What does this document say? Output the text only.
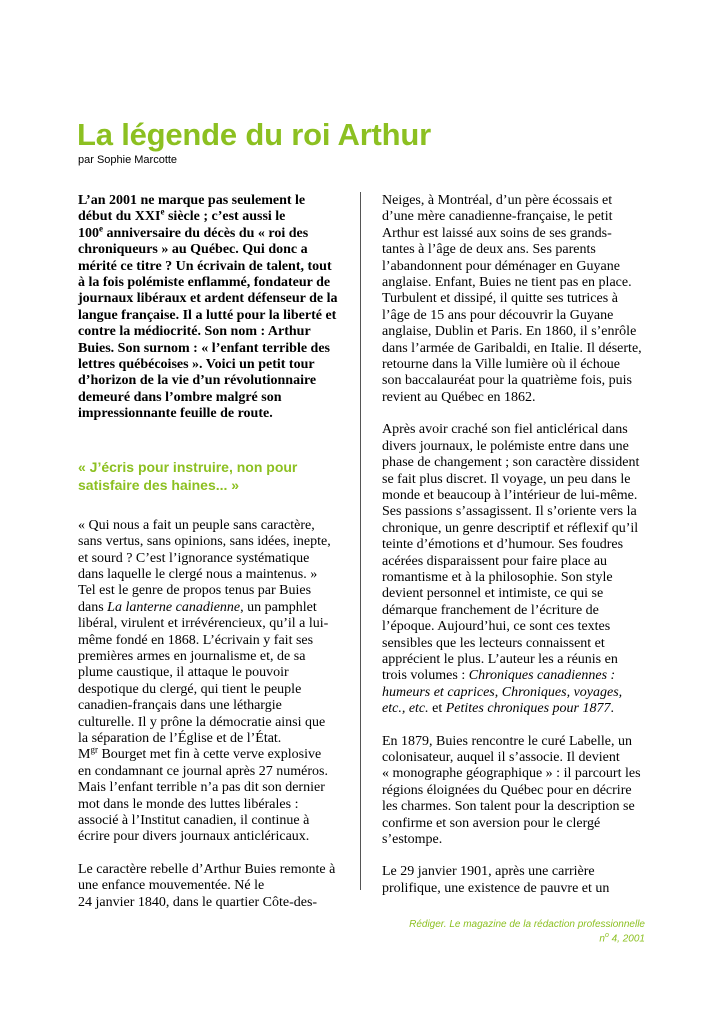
La légende du roi Arthur
par Sophie Marcotte

L’an 2001 ne marque pas seulement le
début du XXIe siècle ; c’est aussi le
100e anniversaire du décès du « roi des
chroniqueurs » au Québec. Qui donc a
mérité ce titre ? Un écrivain de talent, tout
à la fois polémiste enflammé, fondateur de
journaux libéraux et ardent défenseur de la
langue française. Il a lutté pour la liberté et
contre la médiocrité. Son nom : Arthur
Buies. Son surnom : « l’enfant terrible des
lettres québécoises ». Voici un petit tour
d’horizon de la vie d’un révolutionnaire
demeuré dans l’ombre malgré son
impressionnante feuille de route.

« J’écris pour instruire, non pour satisfaire des haines... »

« Qui nous a fait un peuple sans caractère,
sans vertus, sans opinions, sans idées, inepte,
et sourd ? C’est l’ignorance systématique
dans laquelle le clergé nous a maintenus. »
Tel est le genre de propos tenus par Buies
dans La lanterne canadienne, un pamphlet
libéral, virulent et irrévérencieux, qu’il a lui-
même fondé en 1868. L’écrivain y fait ses
premières armes en journalisme et, de sa
plume caustique, il attaque le pouvoir
despotique du clergé, qui tient le peuple
canadien-français dans une léthargie
culturelle. Il y prône la démocratie ainsi que
la séparation de l’Église et de l’État.
$M^{gr}$ Bourget met fin à cette verve explosive
en condamnant ce journal après 27 numéros.
Mais l’enfant terrible n’a pas dit son dernier
mot dans le monde des luttes libérales :
associé à l’Institut canadien, il continue à
écrire pour divers journaux anticléricaux.

Le caractère rebelle d’Arthur Buies remonte à
une enfance mouvementée. Né le
24 janvier 1840, dans le quartier Côte-des-

Neiges, à Montréal, d’un père écossais et
d’une mère canadienne-française, le petit
Arthur est laissé aux soins de ses grands-
tantes à l’âge de deux ans. Ses parents
l’abandonnent pour déménager en Guyane
anglaise. Enfant, Buies ne tient pas en place.
Turbulent et dissipé, il quitte ses tutrices à
l’âge de 15 ans pour découvrir la Guyane
anglaise, Dublin et Paris. En 1860, il s’enrôle
dans l’armée de Garibaldi, en Italie. Il déserte,
retourne dans la Ville lumière où il échoue
son baccalauréat pour la quatrième fois, puis
revient au Québec en 1862.

Après avoir craché son fiel anticlérical dans
divers journaux, le polémiste entre dans une
phase de changement ; son caractère dissident
se fait plus discret. Il voyage, un peu dans le
monde et beaucoup à l’intérieur de lui-même.
Ses passions s’assagissent. Il s’oriente vers la
chronique, un genre descriptif et réflexif qu’il
teinte d’émotions et d’humour. Ses foudres
acérées disparaissent pour faire place au
romantisme et à la philosophie. Son style
devient personnel et intimiste, ce qui se
démarque franchement de l’écriture de
l’époque. Aujourd’hui, ce sont ces textes
sensibles que les lecteurs connaissent et
apprécient le plus. L’auteur les a réunis en
trois volumes : Chroniques canadiennes :
humeurs et caprices, Chroniques, voyages,
etc., etc. et Petites chroniques pour 1877.

En 1879, Buies rencontre le curé Labelle, un
colonisateur, auquel il s’associe. Il devient
« monographe géographique » : il parcourt les
régions éloignées du Québec pour en décrire
les charmes. Son talent pour la description se
confirme et son aversion pour le clergé
s’estompe.

Le 29 janvier 1901, après une carrière
prolifique, une existence de pauvre et un

Rédiger. Le magazine de la rédaction professionnelle
$n^o$ 4, 2001
